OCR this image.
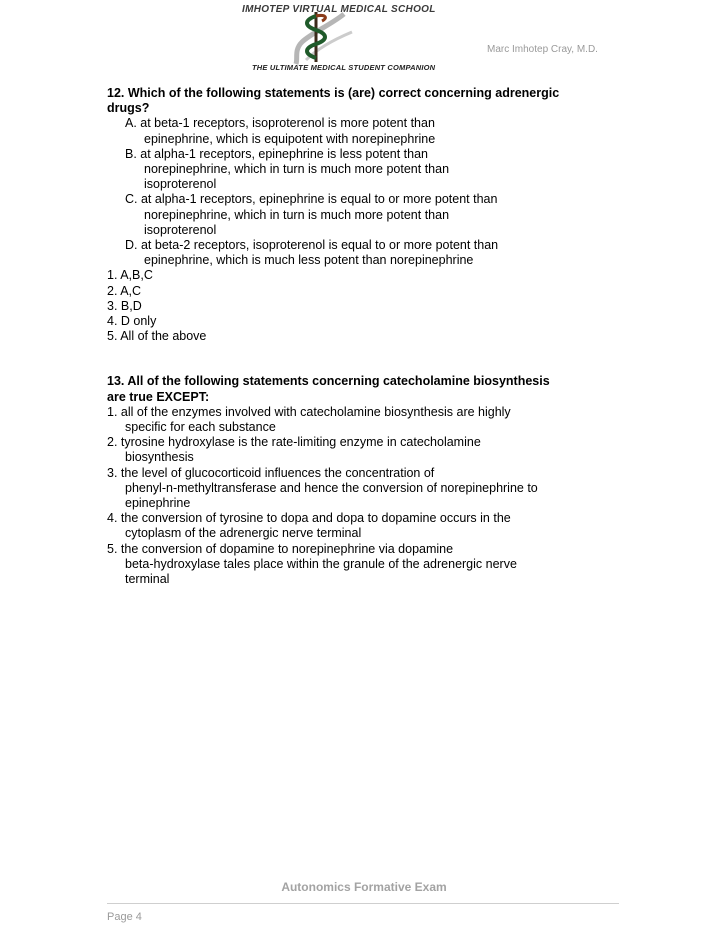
IMHOTEP VIRTUAL MEDICAL SCHOOL
THE ULTIMATE MEDICAL STUDENT COMPANION
Marc Imhotep Cray, M.D.
12. Which of the following statements is (are) correct concerning adrenergic
drugs?
A. at beta-1 receptors, isoproterenol is more potent than
epinephrine, which is equipotent with norepinephrine
B. at alpha-1 receptors, epinephrine is less potent than
norepinephrine, which in turn is much more potent than
isoproterenol
C. at alpha-1 receptors, epinephrine is equal to or more potent than
norepinephrine, which in turn is much more potent than
isoproterenol
D. at beta-2 receptors, isoproterenol is equal to or more potent than
epinephrine, which is much less potent than norepinephrine
1. A,B,C
2. A,C
3. B,D
4. D only
5. All of the above
13. All of the following statements concerning catecholamine biosynthesis
are true EXCEPT:
1. all of the enzymes involved with catecholamine biosynthesis are highly
specific for each substance
2. tyrosine hydroxylase is the rate-limiting enzyme in catecholamine
biosynthesis
3. the level of glucocorticoid influences the concentration of
phenyl-n-methyltransferase and hence the conversion of norepinephrine to
epinephrine
4. the conversion of tyrosine to dopa and dopa to dopamine occurs in the
cytoplasm of the adrenergic nerve terminal
5. the conversion of dopamine to norepinephrine via dopamine
beta-hydroxylase tales place within the granule of the adrenergic nerve
terminal
Autonomics Formative Exam
Page 4
